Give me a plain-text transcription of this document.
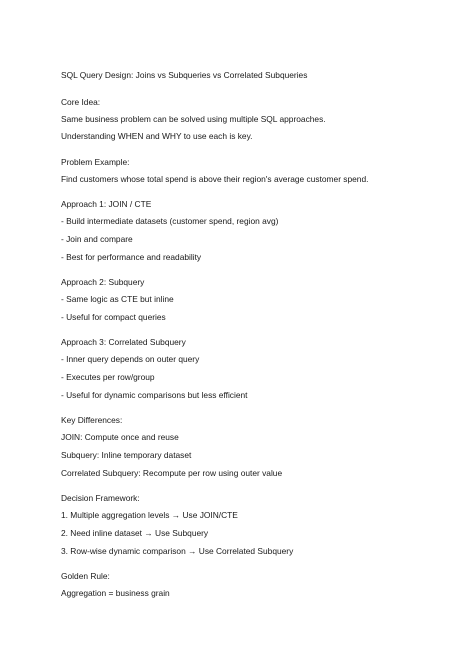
SQL Query Design: Joins vs Subqueries vs Correlated Subqueries
Core Idea:
Same business problem can be solved using multiple SQL approaches.
Understanding WHEN and WHY to use each is key.
Problem Example:
Find customers whose total spend is above their region's average customer spend.
Approach 1: JOIN / CTE
- Build intermediate datasets (customer spend, region avg)
- Join and compare
- Best for performance and readability
Approach 2: Subquery
- Same logic as CTE but inline
- Useful for compact queries
Approach 3: Correlated Subquery
- Inner query depends on outer query
- Executes per row/group
- Useful for dynamic comparisons but less efficient
Key Differences:
JOIN: Compute once and reuse
Subquery: Inline temporary dataset
Correlated Subquery: Recompute per row using outer value
Decision Framework:
1. Multiple aggregation levels → Use JOIN/CTE
2. Need inline dataset → Use Subquery
3. Row-wise dynamic comparison → Use Correlated Subquery
Golden Rule:
Aggregation = business grain
